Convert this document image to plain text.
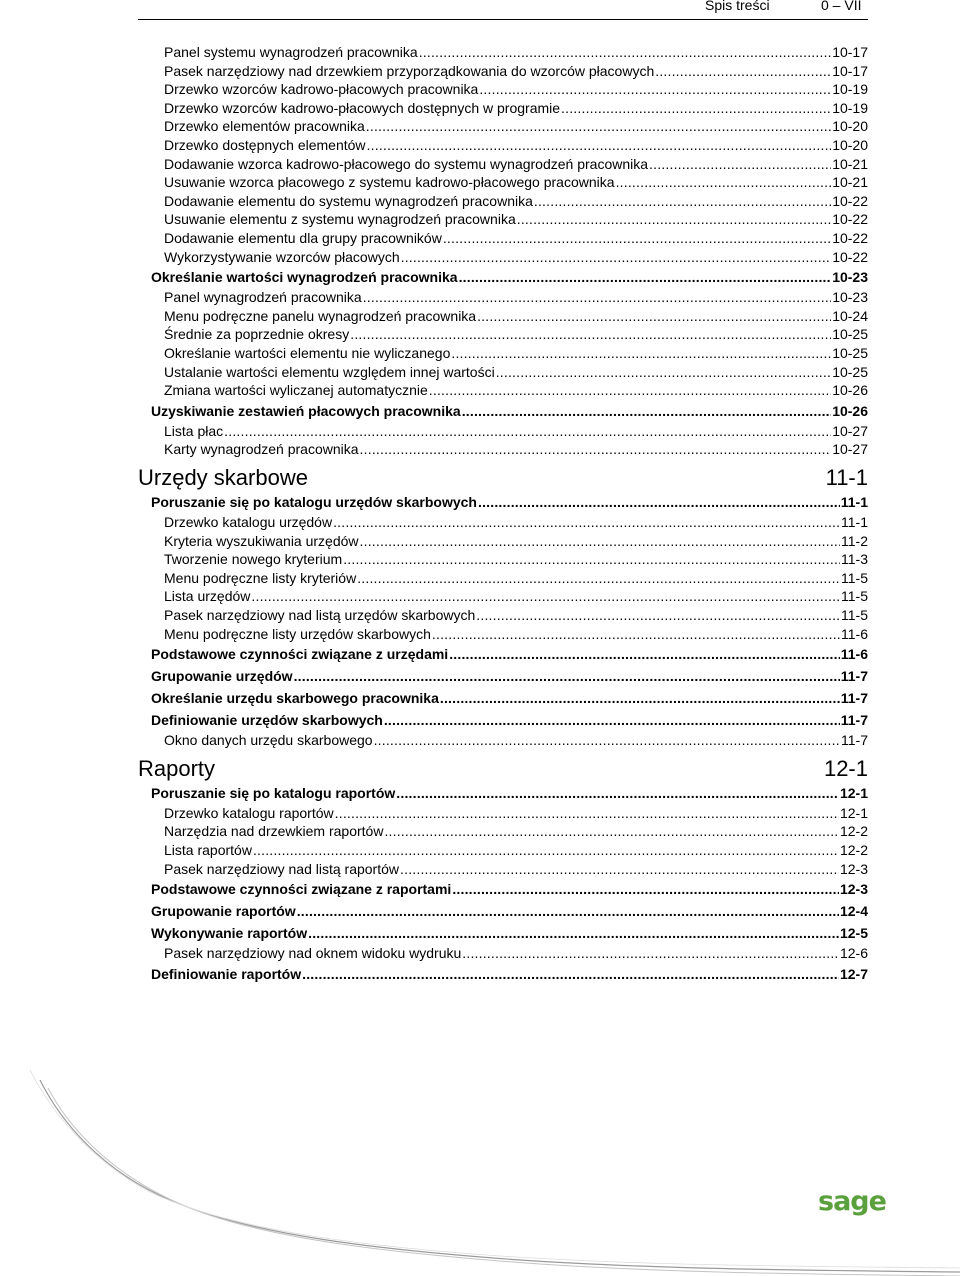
Spis treści	0 – VII
Panel systemu wynagrodzeń pracownika .....	10-17
Pasek narzędziowy nad drzewkiem przyporządkowania do wzorców płacowych .....	10-17
Drzewko wzorców kadrowo-płacowych pracownika .....	10-19
Drzewko wzorców kadrowo-płacowych dostępnych w programie .....	10-19
Drzewko elementów pracownika .....	10-20
Drzewko dostępnych elementów .....	10-20
Dodawanie wzorca kadrowo-płacowego do systemu wynagrodzeń pracownika .....	10-21
Usuwanie wzorca płacowego z systemu kadrowo-płacowego pracownika .....	10-21
Dodawanie elementu do systemu wynagrodzeń pracownika .....	10-22
Usuwanie elementu z systemu wynagrodzeń pracownika .....	10-22
Dodawanie elementu dla grupy pracowników .....	10-22
Wykorzystywanie wzorców płacowych .....	10-22
Określanie wartości wynagrodzeń pracownika .....	10-23
Panel wynagrodzeń pracownika .....	10-23
Menu podręczne panelu wynagrodzeń pracownika .....	10-24
Średnie za poprzednie okresy .....	10-25
Określanie wartości elementu nie wyliczanego .....	10-25
Ustalanie wartości elementu względem innej wartości .....	10-25
Zmiana wartości wyliczanej automatycznie .....	10-26
Uzyskiwanie zestawień płacowych pracownika .....	10-26
Lista płac .....	10-27
Karty wynagrodzeń pracownika .....	10-27
Urzędy skarbowe	11-1
Poruszanie się po katalogu urzędów skarbowych .....	11-1
Drzewko katalogu urzędów .....	11-1
Kryteria wyszukiwania urzędów .....	11-2
Tworzenie nowego kryterium .....	11-3
Menu podręczne listy kryteriów .....	11-5
Lista urzędów .....	11-5
Pasek narzędziowy nad listą urzędów skarbowych .....	11-5
Menu podręczne listy urzędów skarbowych .....	11-6
Podstawowe czynności związane z urzędami .....	11-6
Grupowanie urzędów .....	11-7
Określanie urzędu skarbowego pracownika .....	11-7
Definiowanie urzędów skarbowych .....	11-7
Okno danych urzędu skarbowego .....	11-7
Raporty	12-1
Poruszanie się po katalogu raportów .....	12-1
Drzewko katalogu raportów .....	12-1
Narzędzia nad drzewkiem raportów .....	12-2
Lista raportów .....	12-2
Pasek narzędziowy nad listą raportów .....	12-3
Podstawowe czynności związane z raportami .....	12-3
Grupowanie raportów .....	12-4
Wykonywanie raportów .....	12-5
Pasek narzędziowy nad oknem widoku wydruku .....	12-6
Definiowanie raportów .....	12-7
sage
